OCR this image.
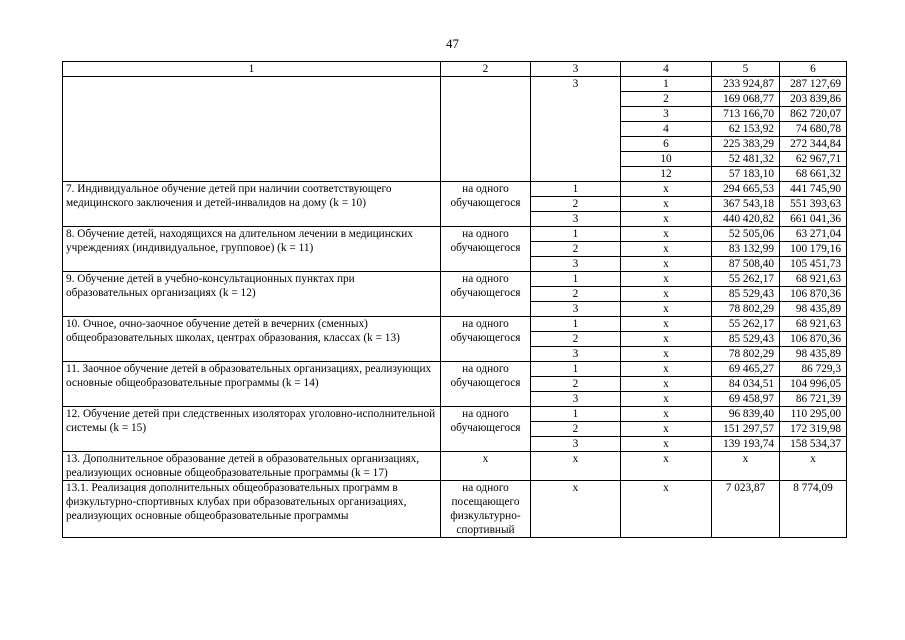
47
1	2	3	4	5	6
		3	1	233 924,87	287 127,69
			2	169 068,77	203 839,86
			3	713 166,70	862 720,07
			4	62 153,92	74 680,78
			6	225 383,29	272 344,84
			10	52 481,32	62 967,71
			12	57 183,10	68 661,32
7. Индивидуальное обучение детей при наличии соответствующего медицинского заключения и детей-инвалидов на дому (k = 10)	на одного обучающегося	1	х	294 665,53	441 745,90
		2	х	367 543,18	551 393,63
		3	х	440 420,82	661 041,36
8. Обучение детей, находящихся на длительном лечении в медицинских учреждениях (индивидуальное, групповое) (k = 11)	на одного обучающегося	1	х	52 505,06	63 271,04
		2	х	83 132,99	100 179,16
		3	х	87 508,40	105 451,73
9. Обучение детей в учебно-консультационных пунктах при образовательных организациях (k = 12)	на одного обучающегося	1	х	55 262,17	68 921,63
		2	х	85 529,43	106 870,36
		3	х	78 802,29	98 435,89
10. Очное, очно-заочное обучение детей в вечерних (сменных) общеобразовательных школах, центрах образования, классах (k = 13)	на одного обучающегося	1	х	55 262,17	68 921,63
		2	х	85 529,43	106 870,36
		3	х	78 802,29	98 435,89
11. Заочное обучение детей в образовательных организациях, реализующих основные общеобразовательные программы (k = 14)	на одного обучающегося	1	х	69 465,27	86 729,3
		2	х	84 034,51	104 996,05
		3	х	69 458,97	86 721,39
12. Обучение детей при следственных изоляторах уголовно-исполнительной системы (k = 15)	на одного обучающегося	1	х	96 839,40	110 295,00
		2	х	151 297,57	172 319,98
		3	х	139 193,74	158 534,37
13. Дополнительное образование детей в образовательных организациях, реализующих основные общеобразовательные программы (k = 17)	х	х	х	х	х
13.1. Реализация дополнительных общеобразовательных программ в физкультурно-спортивных клубах при образовательных организациях, реализующих основные общеобразовательные программы	на одного посещающего физкультурно-спортивный	х	х	7 023,87	8 774,09
